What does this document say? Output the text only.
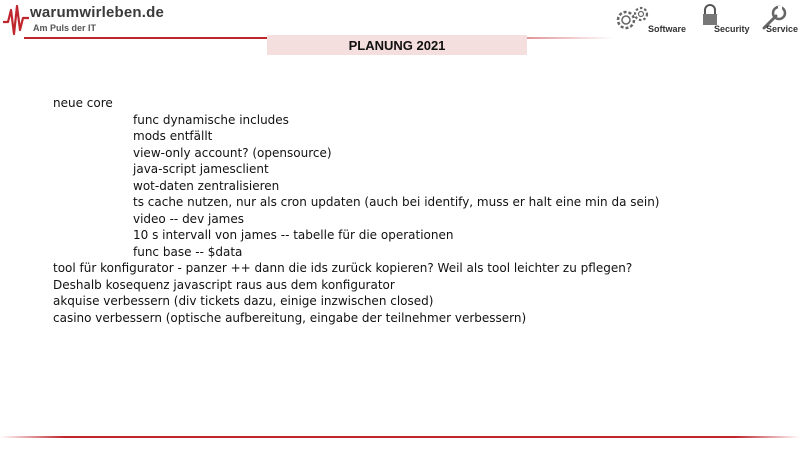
warumwirleben.de
Am Puls der IT	Software	Security Service
PLANUNG 2021
neue core
func dynamische includes
mods entfällt
view-only account? (opensource)
java-script jamesclient
wot-daten zentralisieren
ts cache nutzen, nur als cron updaten (auch bei identify, muss er halt eine min da sein)
video -- dev james
10 s intervall von james -- tabelle für die operationen
func base -- $data
tool für konfigurator - panzer ++ dann die ids zurück kopieren? Weil als tool leichter zu pflegen?
Deshalb kosequenz javascript raus aus dem konfigurator
akquise verbessern (div tickets dazu, einige inzwischen closed)
casino verbessern (optische aufbereitung, eingabe der teilnehmer verbessern)
